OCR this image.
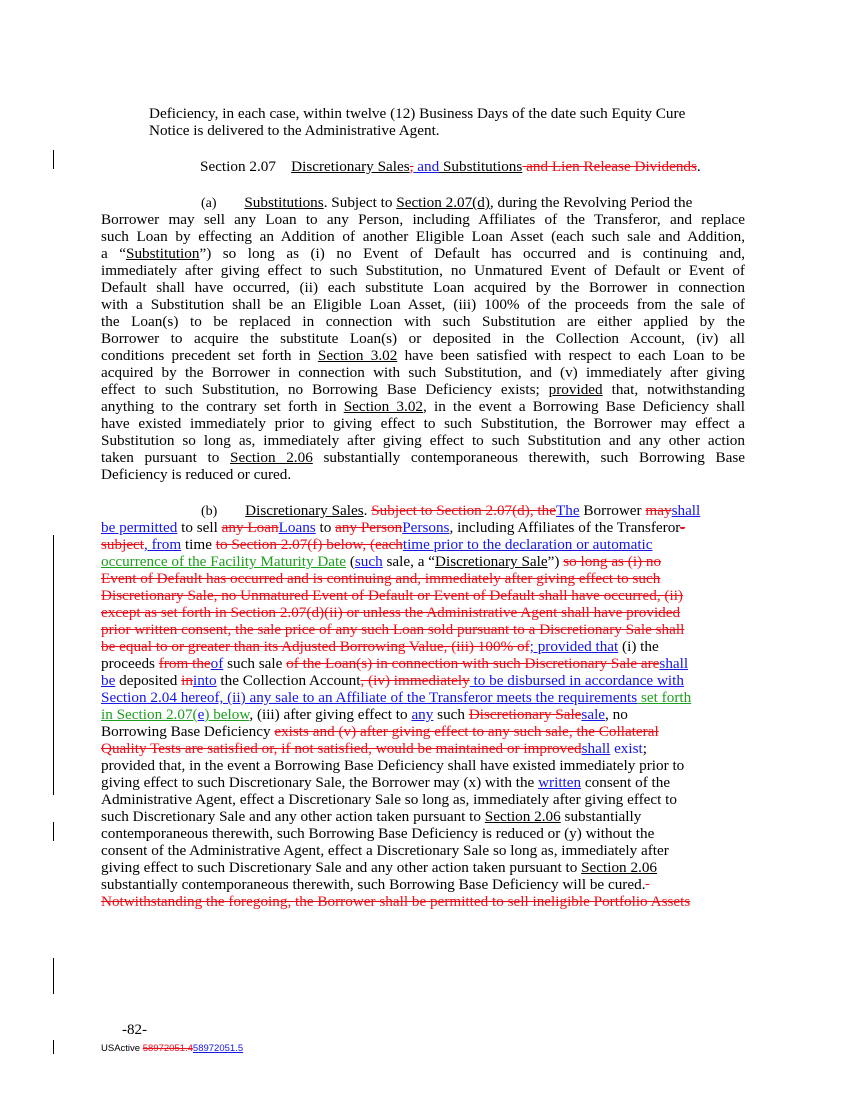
Deficiency, in each case, within twelve (12) Business Days of the date such Equity Cure
Notice is delivered to the Administrative Agent.
Section 2.07 Discretionary Sales, and Substitutions and Lien Release Dividends.
(a) Substitutions. Subject to Section 2.07(d), during the Revolving Period the
Borrower may sell any Loan to any Person, including Affiliates of the Transferor, and replace
such Loan by effecting an Addition of another Eligible Loan Asset (each such sale and Addition,
a “Substitution”) so long as (i) no Event of Default has occurred and is continuing and,
immediately after giving effect to such Substitution, no Unmatured Event of Default or Event of
Default shall have occurred, (ii) each substitute Loan acquired by the Borrower in connection
with a Substitution shall be an Eligible Loan Asset, (iii) 100% of the proceeds from the sale of
the Loan(s) to be replaced in connection with such Substitution are either applied by the
Borrower to acquire the substitute Loan(s) or deposited in the Collection Account, (iv) all
conditions precedent set forth in Section 3.02 have been satisfied with respect to each Loan to be
acquired by the Borrower in connection with such Substitution, and (v) immediately after giving
effect to such Substitution, no Borrowing Base Deficiency exists; provided that, notwithstanding
anything to the contrary set forth in Section 3.02, in the event a Borrowing Base Deficiency shall
have existed immediately prior to giving effect to such Substitution, the Borrower may effect a
Substitution so long as, immediately after giving effect to such Substitution and any other action
taken pursuant to Section 2.06 substantially contemporaneous therewith, such Borrowing Base
Deficiency is reduced or cured.
(b) Discretionary Sales. Subject to Section 2.07(d), theThe Borrower mayshall
be permitted to sell any LoanLoans to any PersonPersons, including Affiliates of the Transferor-
subject, from time to Section 2.07(f) below, (eachtime prior to the declaration or automatic
occurrence of the Facility Maturity Date (such sale, a “Discretionary Sale”) so long as (i) no
Event of Default has occurred and is continuing and, immediately after giving effect to such
Discretionary Sale, no Unmatured Event of Default or Event of Default shall have occurred, (ii)
except as set forth in Section 2.07(d)(ii) or unless the Administrative Agent shall have provided
prior written consent, the sale price of any such Loan sold pursuant to a Discretionary Sale shall
be equal to or greater than its Adjusted Borrowing Value, (iii) 100% of; provided that (i) the
proceeds from theof such sale of the Loan(s) in connection with such Discretionary Sale areshall
be deposited ininto the Collection Account, (iv) immediately to be disbursed in accordance with
Section 2.04 hereof, (ii) any sale to an Affiliate of the Transferor meets the requirements set forth
in Section 2.07(e) below, (iii) after giving effect to any such Discretionary Salesale, no
Borrowing Base Deficiency exists and (v) after giving effect to any such sale, the Collateral
Quality Tests are satisfied or, if not satisfied, would be maintained or improvedshall exist;
provided that, in the event a Borrowing Base Deficiency shall have existed immediately prior to
giving effect to such Discretionary Sale, the Borrower may (x) with the written consent of the
Administrative Agent, effect a Discretionary Sale so long as, immediately after giving effect to
such Discretionary Sale and any other action taken pursuant to Section 2.06 substantially
contemporaneous therewith, such Borrowing Base Deficiency is reduced or (y) without the
consent of the Administrative Agent, effect a Discretionary Sale so long as, immediately after
giving effect to such Discretionary Sale and any other action taken pursuant to Section 2.06
substantially contemporaneous therewith, such Borrowing Base Deficiency will be cured.
Notwithstanding the foregoing, the Borrower shall be permitted to sell ineligible Portfolio Assets
-82-
USActive 58972051.458972051.5
